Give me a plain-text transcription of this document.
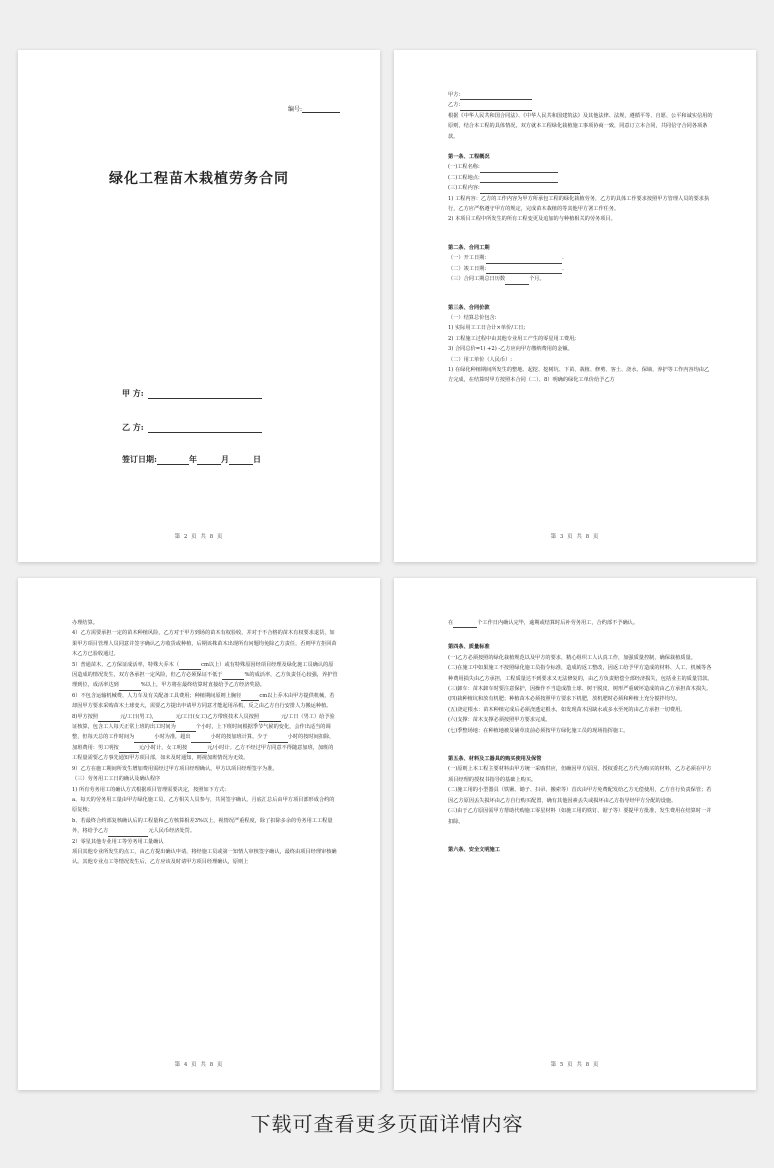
编号:
绿化工程苗木栽植劳务合同
甲 方:
乙 方:
签订日期:	年	月	日
第 2 页 共 8 页

甲方:

乙方:

根据《中华人民共和国合同法》、《中华人民共和国建筑法》及其他法律、法规，遵循平等、自愿、公平和诚实信用的原则，结合本工程的具体情况，双方就本工程绿化栽植施工事项协商一致，同意订立本合同，共同信守合同各项条款。

第一条、工程概况

(一)工程名称:

(二)工程地点:

(三)工程内容:

1) 工程内容：乙方的工作内容为甲方所承包工程的绿化栽植劳务，乙方的具体工作要求按照甲方管理人员的要求执行，乙方应严格遵守甲方的规定，完成苗木栽植的等其他甲方署工作任务。

2) 本项目工程中所发生的所有工程变更及追加的与种植相关的劳务项目。

第二条、合同工期

（一）开工日期:	.

（二）竣工日期:	.

（三）合同工期总日历数	个月。

第三条、合同价款

（一）结算总价包含:

1) 实际用工工日合计×单价/工日;

2) 工程施工过程中由其他专业用工产生的零星用工费用;

3) 合同总价=1) +2) -乙方应向甲方缴纳费用的金额。

（二）用工单价（人民币）:

1) 在绿化种植期间所发生的整地、起挖、挖树坑、下苗、栽植、修剪、客土、浇水、保墒、养护等工作内容均由乙方完成，在结算时甲方按照本合同（二）、8）明确的绿化工单价给予乙方

第 3 页 共 8 页

办理结算。

4）乙方需要承担一定的苗木种植风险，乙方对于甲方到场的苗木有权验收，并对于不合格的苗木有权要求退货，如果甲方项目管理人员同意并签字确认乙方收货或种植，后期该株苗木出现所有问题均免除乙方责任，否则甲方拒回苗木乙方已验收通过。

5）普通苗木，乙方保证成活率，特殊大乔木（	cm以上）或有特殊原因经项目经理及绿化施工员确认的原因造成的情况发生，双方各承担一定风险，但乙方必须保证不低于	%的成活率，乙方负责任心较强，养护管理到位，成活率达到	%以上，甲方将在最终结算时直接给予乙方经济奖励。

6）不包含运输机械费、人力车及有关配备工具费用；种植期间原则上胸径	cm以上乔木由甲方提供机械，若却因甲方要求采购苗木土球变大，需要乙方提出申请甲方同意才能起用吊机，反之由乙方自行安排人力搬运种植。

8)甲方按照	元/工日(男工),	元/工日(女工)乙方带班技术人员按照	元/工日（男工）给予验证核算，包含工人每天正常上班的出工时间为	个小时，上下班时间根据季节气候的变化，会作出适当的调整，但每天总的工作时间为	小时为准，超出	小时的按加班计算，少于	小时的按时间扣除，加班费用：男工明按	元/小时计，女工明按	元/小时计。乙方不经过甲方同意不得随意加班，加班的工程量需要乙方事先通知甲方项目部，如未及时通知，则视加班情况为无效。

9）乙方在施工期间所发生增加费用需经过甲方项目经理确认，甲方以项目经理签字为准。

（三）劳务用工工日的确认及确认程序

1) 所有劳务用工的确认方式根据项目管理需要决定，按照如下方式:

a、每天的劳务用工量由甲方绿化施工员、乙方相关人员参与，共同签字确认，月底汇总后由甲方项目部形成合约的原复核；

b、若最终合约部复核确认后的工程量和乙方核算相差3%以上，视情况严重程度，除了扣除多余的劳务用工工程量外，将给予乙方	元人民币经济处罚。

2）零星其他专业用工等劳务用工量确认

项目其他专业所发生的点工，由乙方提出确认申请，将经施工员或第一知情人审核签字确认，最终由项目经理审核确认。其他专业点工等情况发生后，乙方应该及时请甲方项目经理确认，原则上

第 4 页 共 8 页

在	个工作日内确认完毕，逾期或结算时后补劳务用工，合约部不予确认。

第四条、质量标准

(一)乙方必须按照的绿化栽植规范以及甲方的要求，精心组织工人认真工作，加强质量控制，确保栽植质量。

(二)在施工中如果施工不按照绿化施工员指令标准，造成的返工整改，因返工给予甲方造成的材料、人工、机械等各种费用损失由乙方承担，工程质量达不到要求又无法修复的，由乙方负责赔偿全部经济损失，包括业主的质量罚款。

(三)卸车：苗木卸车时要注意保护，因操作不当造成散土球、树干脱皮、树形严重破坏造成的由乙方承担苗木损失。

(四)栽种植坑和放有机肥；种植苗木必须按照甲方要求下机肥，放机肥时必须和种植土充分搅拌均匀。

(五)浇定根水：苗木种植完成后必须浇透定根水，如发现苗木因缺水或多水至死的由乙方承担一切费用。

(六)支撑：苗木支撑必须按照甲方要求完成。

(七)季整场地：在种植地被及铺草皮前必须按甲方绿化施工员的现场指挥施工。

第五条、材料及工器具的购买使用及保管

(一)原则上本工程主要材料由甲方统一采购供应，但确因甲方原因，授权委托乙方代为购买的材料，乙方必须在甲方项目经理的授权书指导的基础上购买。

(二)施工用的小型器具（铁锹、锄子、扫帚、搬索等）首次由甲方免费配发给乙方无偿使用，乙方自行负责保管；若因乙方原因丢失损坏由乙方自行购买配置，确有其他因素丢失或损坏由乙方指导经甲方分配的设施。

(三)由于乙方原因需甲方帮助代购施工零星材料（如施工用的铁钉、锯子等）要提甲方批准，发生费用在结算时一并扣除。

第六条、安全文明施工

第 5 页 共 8 页
下载可查看更多页面详情内容
